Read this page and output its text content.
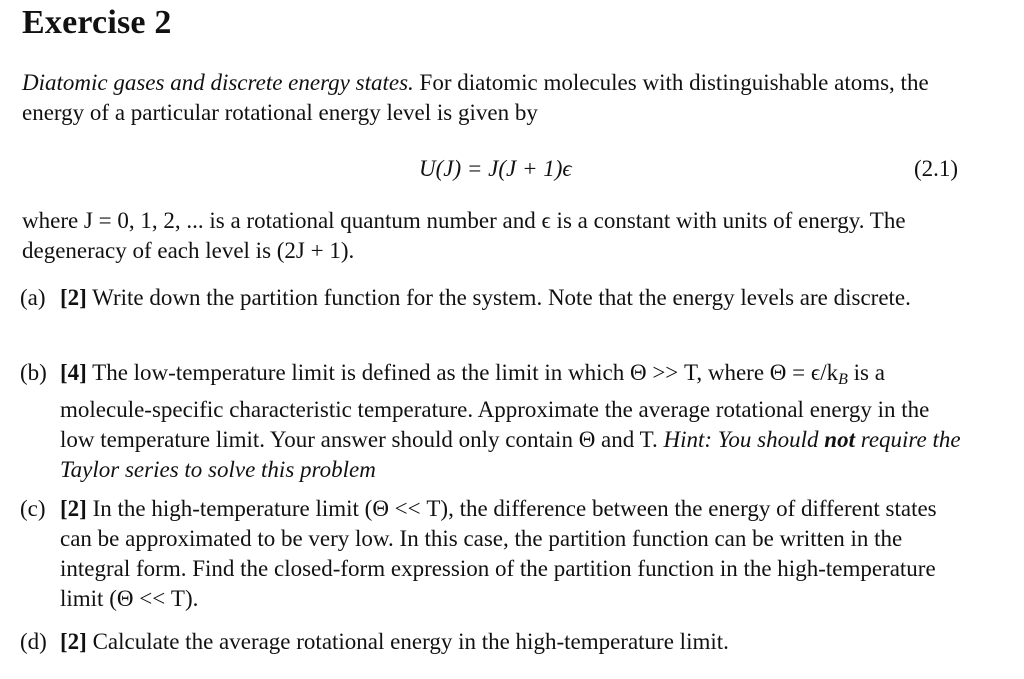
Exercise 2

Diatomic gases and discrete energy states. For diatomic molecules with distinguishable atoms, the energy of a particular rotational energy level is given by

U(J) = J(J + 1)ϵ	(2.1)

where J = 0, 1, 2, ... is a rotational quantum number and ϵ is a constant with units of energy. The degeneracy of each level is (2J + 1).

(a) [2] Write down the partition function for the system. Note that the energy levels are discrete.
(b) [4] The low-temperature limit is defined as the limit in which Θ >> T, where $\Theta = \epsilon/k_B$ is a molecule-specific characteristic temperature. Approximate the average rotational energy in the low temperature limit. Your answer should only contain Θ and T. Hint: You should not require the Taylor series to solve this problem
(c) [2] In the high-temperature limit (Θ << T), the difference between the energy of different states can be approximated to be very low. In this case, the partition function can be written in the integral form. Find the closed-form expression of the partition function in the high-temperature limit (Θ << T).
(d) [2] Calculate the average rotational energy in the high-temperature limit.
